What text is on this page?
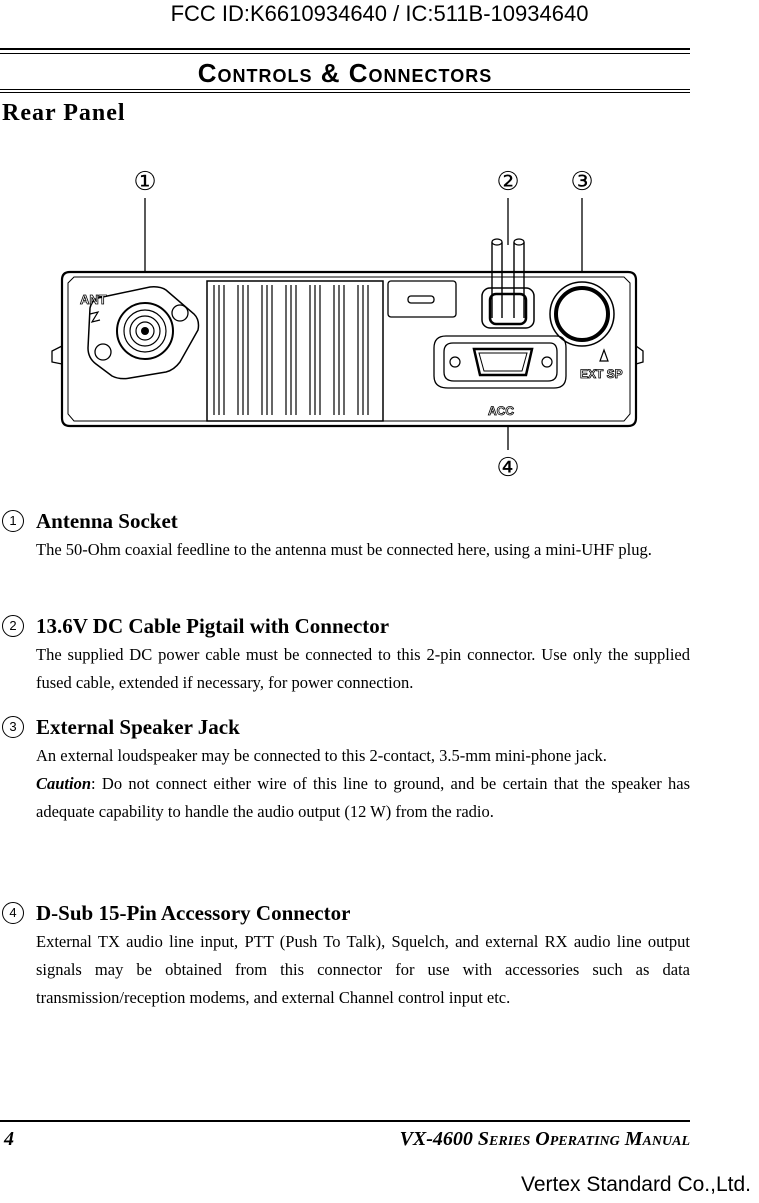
FCC ID:K6610934640 / IC:511B-10934640
Controls & Connectors
Rear Panel
①	② ③
④
ANT
EXT SP
ACC
1 Antenna Socket
The 50-Ohm coaxial feedline to the antenna must be connected here, using a mini-UHF plug.
2 13.6V DC Cable Pigtail with Connector
The supplied DC power cable must be connected to this 2-pin connector. Use only the supplied fused cable, extended if necessary, for power connection.
3 External Speaker Jack
An external loudspeaker may be connected to this 2-contact, 3.5-mm mini-phone jack.
Caution: Do not connect either wire of this line to ground, and be certain that the speaker has adequate capability to handle the audio output (12 W) from the radio.
4 D-Sub 15-Pin Accessory Connector
External TX audio line input, PTT (Push To Talk), Squelch, and external RX audio line output signals may be obtained from this connector for use with accessories such as data transmission/reception modems, and external Channel control input etc.
4	VX-4600 Series Operating Manual
Vertex Standard Co.,Ltd.
